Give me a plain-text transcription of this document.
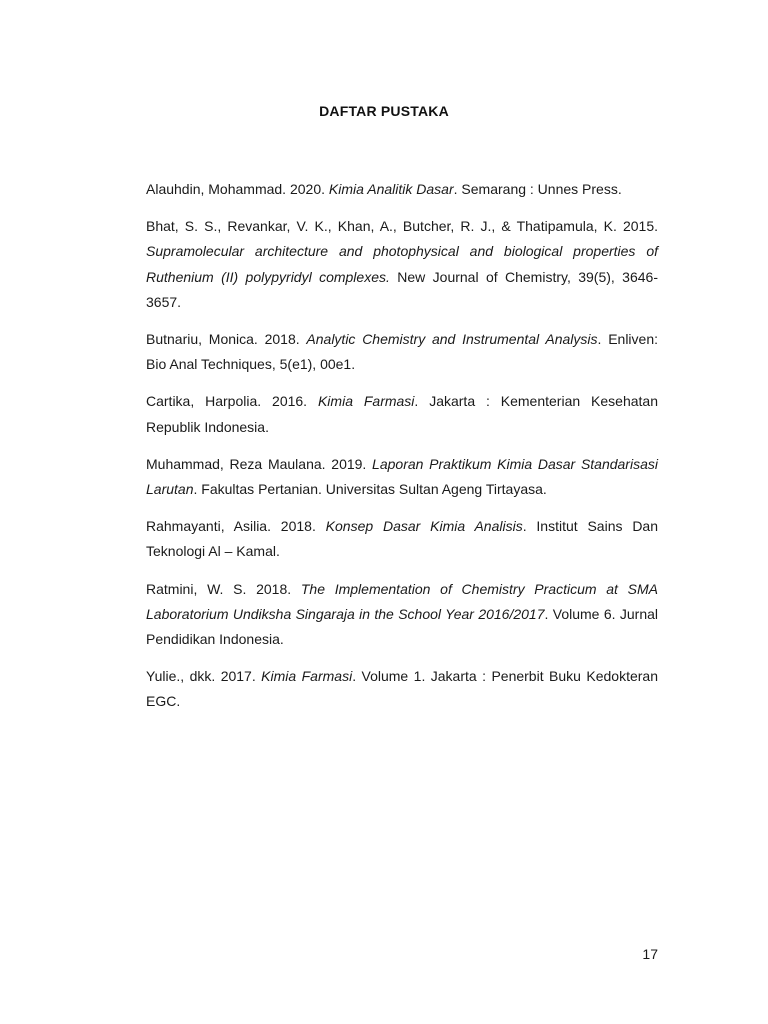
DAFTAR PUSTAKA

Alauhdin, Mohammad. 2020. Kimia Analitik Dasar. Semarang : Unnes Press.

Bhat, S. S., Revankar, V. K., Khan, A., Butcher, R. J., & Thatipamula, K. 2015. Supramolecular architecture and photophysical and biological properties of Ruthenium (II) polypyridyl complexes. New Journal of Chemistry, 39(5), 3646-3657.

Butnariu, Monica. 2018. Analytic Chemistry and Instrumental Analysis. Enliven: Bio Anal Techniques, 5(e1), 00e1.

Cartika, Harpolia. 2016. Kimia Farmasi. Jakarta : Kementerian Kesehatan Republik Indonesia.

Muhammad, Reza Maulana. 2019. Laporan Praktikum Kimia Dasar Standarisasi Larutan. Fakultas Pertanian. Universitas Sultan Ageng Tirtayasa.

Rahmayanti, Asilia. 2018. Konsep Dasar Kimia Analisis. Institut Sains Dan Teknologi Al – Kamal.

Ratmini, W. S. 2018. The Implementation of Chemistry Practicum at SMA Laboratorium Undiksha Singaraja in the School Year 2016/2017. Volume 6. Jurnal Pendidikan Indonesia.

Yulie., dkk. 2017. Kimia Farmasi. Volume 1. Jakarta : Penerbit Buku Kedokteran EGC.

17
